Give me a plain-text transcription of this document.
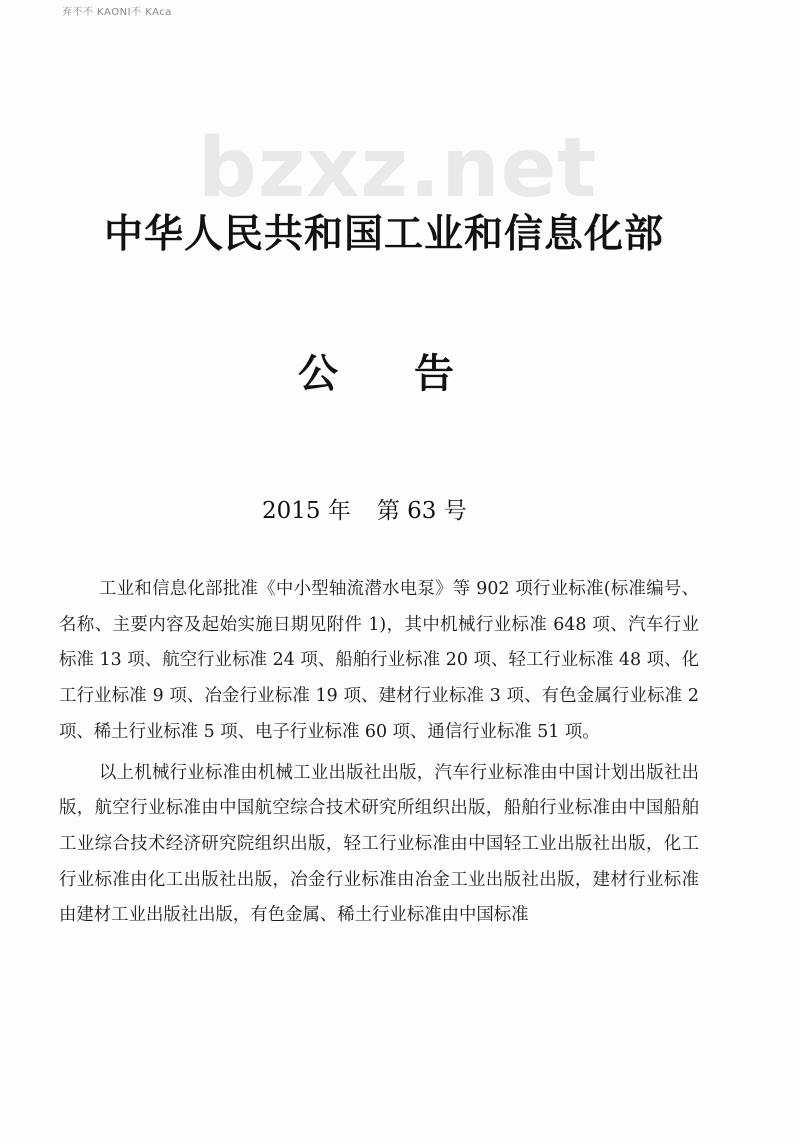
弃不不 KAONI不 KAca
bzxz.net
中华人民共和国工业和信息化部
公 告
2015 年 第 63 号

工业和信息化部批准《中小型轴流潜水电泵》等 902 项行业标准(标准编号、名称、主要内容及起始实施日期见附件 1)，其中机械行业标准 648 项、汽车行业标准 13 项、航空行业标准 24 项、船舶行业标准 20 项、轻工行业标准 48 项、化工行业标准 9 项、冶金行业标准 19 项、建材行业标准 3 项、有色金属行业标准 2 项、稀土行业标准 5 项、电子行业标准 60 项、通信行业标准 51 项。

以上机械行业标准由机械工业出版社出版，汽车行业标准由中国计划出版社出版，航空行业标准由中国航空综合技术研究所组织出版，船舶行业标准由中国船舶工业综合技术经济研究院组织出版，轻工行业标准由中国轻工业出版社出版，化工行业标准由化工出版社出版，冶金行业标准由冶金工业出版社出版，建材行业标准由建材工业出版社出版，有色金属、稀土行业标准由中国标准
